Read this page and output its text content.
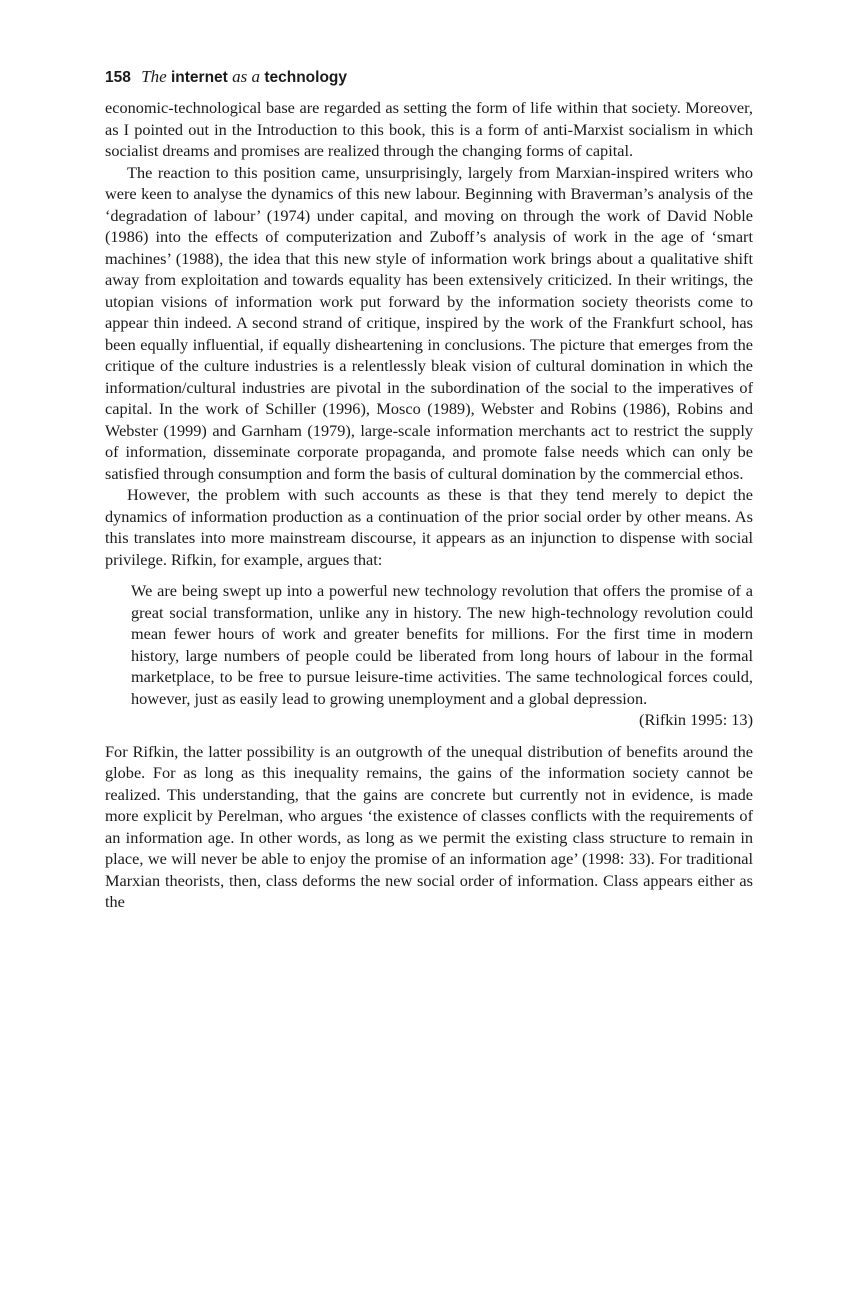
158 The internet as a technology

economic-technological base are regarded as setting the form of life within that society. Moreover, as I pointed out in the Introduction to this book, this is a form of anti-Marxist socialism in which socialist dreams and promises are realized through the changing forms of capital.

The reaction to this position came, unsurprisingly, largely from Marxian-inspired writers who were keen to analyse the dynamics of this new labour. Beginning with Braverman’s analysis of the ‘degradation of labour’ (1974) under capital, and moving on through the work of David Noble (1986) into the effects of computerization and Zuboff’s analysis of work in the age of ‘smart machines’ (1988), the idea that this new style of information work brings about a qualitative shift away from exploitation and towards equality has been extensively criticized. In their writings, the utopian visions of information work put forward by the information society theorists come to appear thin indeed. A second strand of critique, inspired by the work of the Frankfurt school, has been equally influential, if equally disheartening in conclusions. The picture that emerges from the critique of the culture industries is a relentlessly bleak vision of cultural domination in which the information/cultural industries are pivotal in the subordination of the social to the imperatives of capital. In the work of Schiller (1996), Mosco (1989), Webster and Robins (1986), Robins and Webster (1999) and Garnham (1979), large-scale information merchants act to restrict the supply of information, disseminate corporate propaganda, and promote false needs which can only be satisfied through consumption and form the basis of cultural domination by the commercial ethos.

However, the problem with such accounts as these is that they tend merely to depict the dynamics of information production as a continuation of the prior social order by other means. As this translates into more mainstream discourse, it appears as an injunction to dispense with social privilege. Rifkin, for example, argues that:

We are being swept up into a powerful new technology revolution that offers the promise of a great social transformation, unlike any in history. The new high-technology revolution could mean fewer hours of work and greater benefits for millions. For the first time in modern history, large numbers of people could be liberated from long hours of labour in the formal marketplace, to be free to pursue leisure-time activities. The same technological forces could, however, just as easily lead to growing unemployment and a global depression.

(Rifkin 1995: 13)

For Rifkin, the latter possibility is an outgrowth of the unequal distribution of benefits around the globe. For as long as this inequality remains, the gains of the information society cannot be realized. This understanding, that the gains are concrete but currently not in evidence, is made more explicit by Perelman, who argues ‘the existence of classes conflicts with the requirements of an information age. In other words, as long as we permit the existing class structure to remain in place, we will never be able to enjoy the promise of an information age’ (1998: 33). For traditional Marxian theorists, then, class deforms the new social order of information. Class appears either as the
